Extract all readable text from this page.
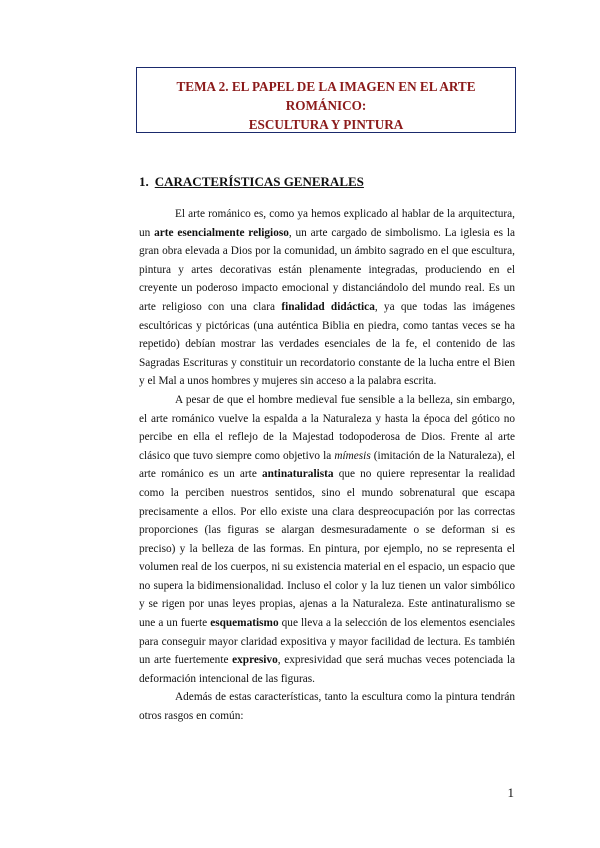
TEMA 2. EL PAPEL DE LA IMAGEN EN EL ARTE ROMÁNICO:
ESCULTURA Y PINTURA
1. CARACTERÍSTICAS GENERALES

El arte románico es, como ya hemos explicado al hablar de la arquitectura, un arte esencialmente religioso, un arte cargado de simbolismo. La iglesia es la gran obra elevada a Dios por la comunidad, un ámbito sagrado en el que escultura, pintura y artes decorativas están plenamente integradas, produciendo en el creyente un poderoso impacto emocional y distanciándolo del mundo real. Es un arte religioso con una clara finalidad didáctica, ya que todas las imágenes escultóricas y pictóricas (una auténtica Biblia en piedra, como tantas veces se ha repetido) debían mostrar las verdades esenciales de la fe, el contenido de las Sagradas Escrituras y constituir un recordatorio constante de la lucha entre el Bien y el Mal a unos hombres y mujeres sin acceso a la palabra escrita.

A pesar de que el hombre medieval fue sensible a la belleza, sin embargo, el arte románico vuelve la espalda a la Naturaleza y hasta la época del gótico no percibe en ella el reflejo de la Majestad todopoderosa de Dios. Frente al arte clásico que tuvo siempre como objetivo la mímesis (imitación de la Naturaleza), el arte románico es un arte antinaturalista que no quiere representar la realidad como la perciben nuestros sentidos, sino el mundo sobrenatural que escapa precisamente a ellos. Por ello existe una clara despreocupación por las correctas proporciones (las figuras se alargan desmesuradamente o se deforman si es preciso) y la belleza de las formas. En pintura, por ejemplo, no se representa el volumen real de los cuerpos, ni su existencia material en el espacio, un espacio que no supera la bidimensionalidad. Incluso el color y la luz tienen un valor simbólico y se rigen por unas leyes propias, ajenas a la Naturaleza. Este antinaturalismo se une a un fuerte esquematismo que lleva a la selección de los elementos esenciales para conseguir mayor claridad expositiva y mayor facilidad de lectura. Es también un arte fuertemente expresivo, expresividad que será muchas veces potenciada la deformación intencional de las figuras.

Además de estas características, tanto la escultura como la pintura tendrán otros rasgos en común:

1
